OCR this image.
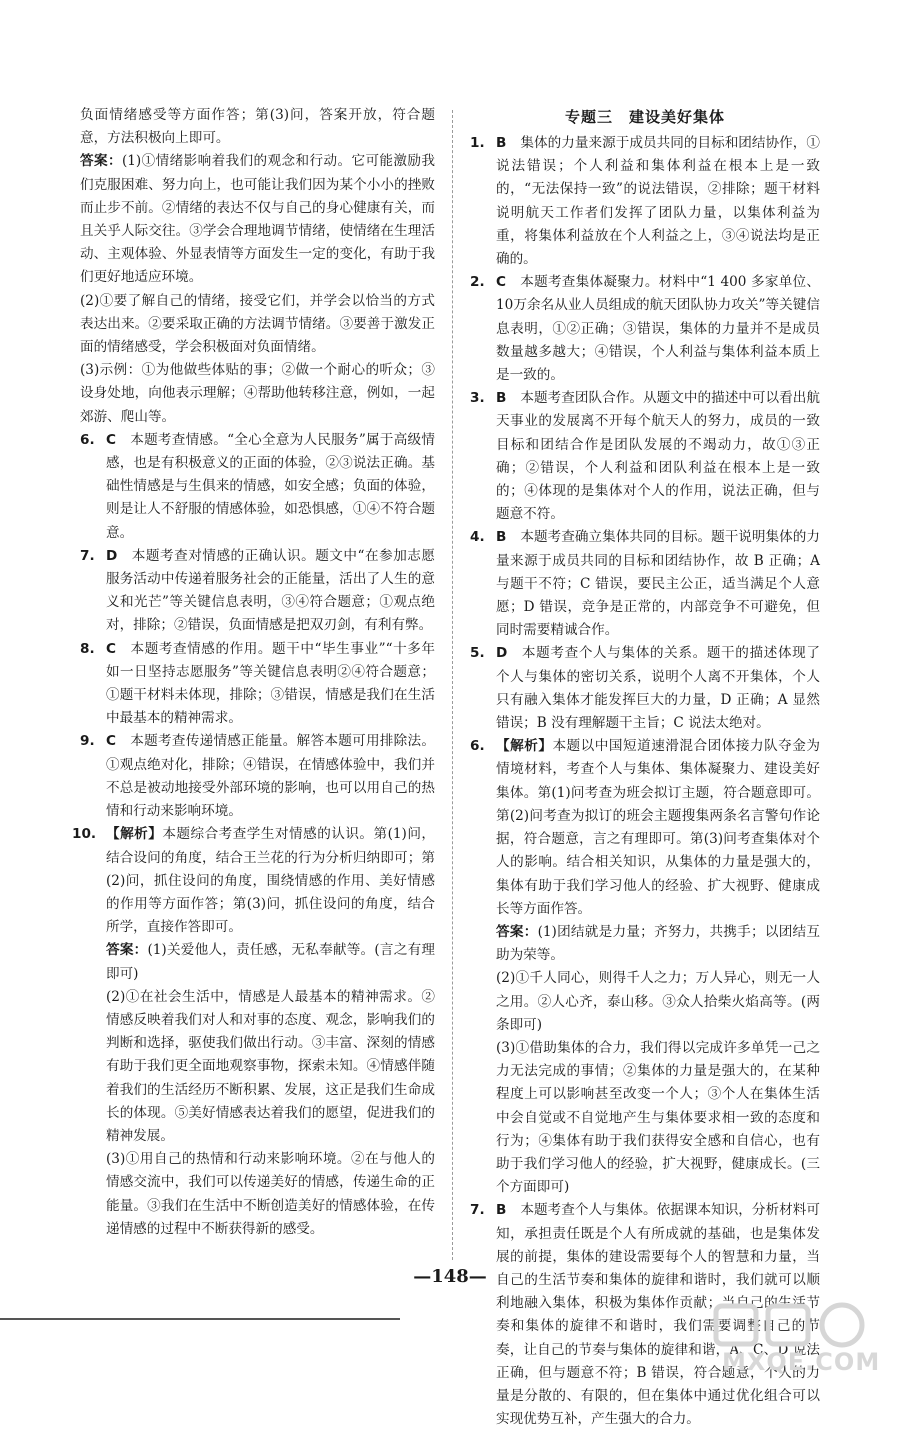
负面情绪感受等方面作答；第(3)问，答案开放，符合题意，方法积极向上即可。

答案：(1)①情绪影响着我们的观念和行动。它可能激励我们克服困难、努力向上，也可能让我们因为某个小小的挫败而止步不前。②情绪的表达不仅与自己的身心健康有关，而且关乎人际交往。③学会合理地调节情绪，使情绪在生理活动、主观体验、外显表情等方面发生一定的变化，有助于我们更好地适应环境。

(2)①要了解自己的情绪，接受它们，并学会以恰当的方式表达出来。②要采取正确的方法调节情绪。③要善于激发正面的情绪感受，学会积极面对负面情绪。

(3)示例：①为他做些体贴的事；②做一个耐心的听众；③设身处地，向他表示理解；④帮助他转移注意，例如，一起郊游、爬山等。

6. C 本题考查情感。“全心全意为人民服务”属于高级情感，也是有积极意义的正面的体验，②③说法正确。基础性情感是与生俱来的情感，如安全感；负面的体验，则是让人不舒服的情感体验，如恐惧感，①④不符合题意。
7. D 本题考查对情感的正确认识。题文中“在参加志愿服务活动中传递着服务社会的正能量，活出了人生的意义和光芒”等关键信息表明，③④符合题意；①观点绝对，排除；②错误，负面情感是把双刃剑，有利有弊。
8. C 本题考查情感的作用。题干中“毕生事业”“十多年如一日坚持志愿服务”等关键信息表明②④符合题意；①题干材料未体现，排除；③错误，情感是我们在生活中最基本的精神需求。
9. C 本题考查传递情感正能量。解答本题可用排除法。①观点绝对化，排除；④错误，在情感体验中，我们并不总是被动地接受外部环境的影响，也可以用自己的热情和行动来影响环境。
10. 【解析】本题综合考查学生对情感的认识。第(1)问，结合设问的角度，结合王兰花的行为分析归纳即可；第(2)问，抓住设问的角度，围绕情感的作用、美好情感的作用等方面作答；第(3)问，抓住设问的角度，结合所学，直接作答即可。

答案：(1)关爱他人，责任感，无私奉献等。(言之有理即可)

(2)①在社会生活中，情感是人最基本的精神需求。②情感反映着我们对人和对事的态度、观念，影响我们的判断和选择，驱使我们做出行动。③丰富、深刻的情感有助于我们更全面地观察事物，探索未知。④情感伴随着我们的生活经历不断积累、发展，这正是我们生命成长的体现。⑤美好情感表达着我们的愿望，促进我们的精神发展。

(3)①用自己的热情和行动来影响环境。②在与他人的情感交流中，我们可以传递美好的情感，传递生命的正能量。③我们在生活中不断创造美好的情感体验，在传递情感的过程中不断获得新的感受。

专题三　建设美好集体

1. B 集体的力量来源于成员共同的目标和团结协作，①说法错误；个人利益和集体利益在根本上是一致的，“无法保持一致”的说法错误，②排除；题干材料说明航天工作者们发挥了团队力量，以集体利益为重，将集体利益放在个人利益之上，③④说法均是正确的。
2. C 本题考查集体凝聚力。材料中“1 400 多家单位、10万余名从业人员组成的航天团队协力攻关”等关键信息表明，①②正确；③错误，集体的力量并不是成员数量越多越大；④错误，个人利益与集体利益本质上是一致的。
3. B 本题考查团队合作。从题文中的描述中可以看出航天事业的发展离不开每个航天人的努力，成员的一致目标和团结合作是团队发展的不竭动力，故①③正确；②错误，个人利益和团队利益在根本上是一致的；④体现的是集体对个人的作用，说法正确，但与题意不符。
4. B 本题考查确立集体共同的目标。题干说明集体的力量来源于成员共同的目标和团结协作，故 B 正确；A 与题干不符；C 错误，要民主公正，适当满足个人意愿；D 错误，竞争是正常的，内部竞争不可避免，但同时需要精诚合作。
5. D 本题考查个人与集体的关系。题干的描述体现了个人与集体的密切关系，说明个人离不开集体，个人只有融入集体才能发挥巨大的力量，D 正确；A 显然错误；B 没有理解题干主旨；C 说法太绝对。
6. 【解析】本题以中国短道速滑混合团体接力队夺金为情境材料，考查个人与集体、集体凝聚力、建设美好集体。第(1)问考查为班会拟订主题，符合题意即可。第(2)问考查为拟订的班会主题搜集两条名言警句作论据，符合题意，言之有理即可。第(3)问考查集体对个人的影响。结合相关知识，从集体的力量是强大的，集体有助于我们学习他人的经验、扩大视野、健康成长等方面作答。

答案：(1)团结就是力量；齐努力，共携手；以团结互助为荣等。

(2)①千人同心，则得千人之力；万人异心，则无一人之用。②人心齐，泰山移。③众人拾柴火焰高等。(两条即可)

(3)①借助集体的合力，我们得以完成许多单凭一己之力无法完成的事情；②集体的力量是强大的，在某种程度上可以影响甚至改变一个人；③个人在集体生活中会自觉或不自觉地产生与集体要求相一致的态度和行为；④集体有助于我们获得安全感和自信心，也有助于我们学习他人的经验，扩大视野，健康成长。(三个方面即可)

7. B 本题考查个人与集体。依据课本知识，分析材料可知，承担责任既是个人有所成就的基础，也是集体发展的前提，集体的建设需要每个人的智慧和力量，当自己的生活节奏和集体的旋律和谐时，我们就可以顺利地融入集体，积极为集体作贡献；当自己的生活节奏和集体的旋律不和谐时，我们需要调整自己的节奏，让自己的节奏与集体的旋律和谐，A、C、D 说法正确，但与题意不符；B 错误，符合题意，个人的力量是分散的、有限的，但在集体中通过优化组合可以实现优势互补，产生强大的合力。
—148—
MXQE.COM
